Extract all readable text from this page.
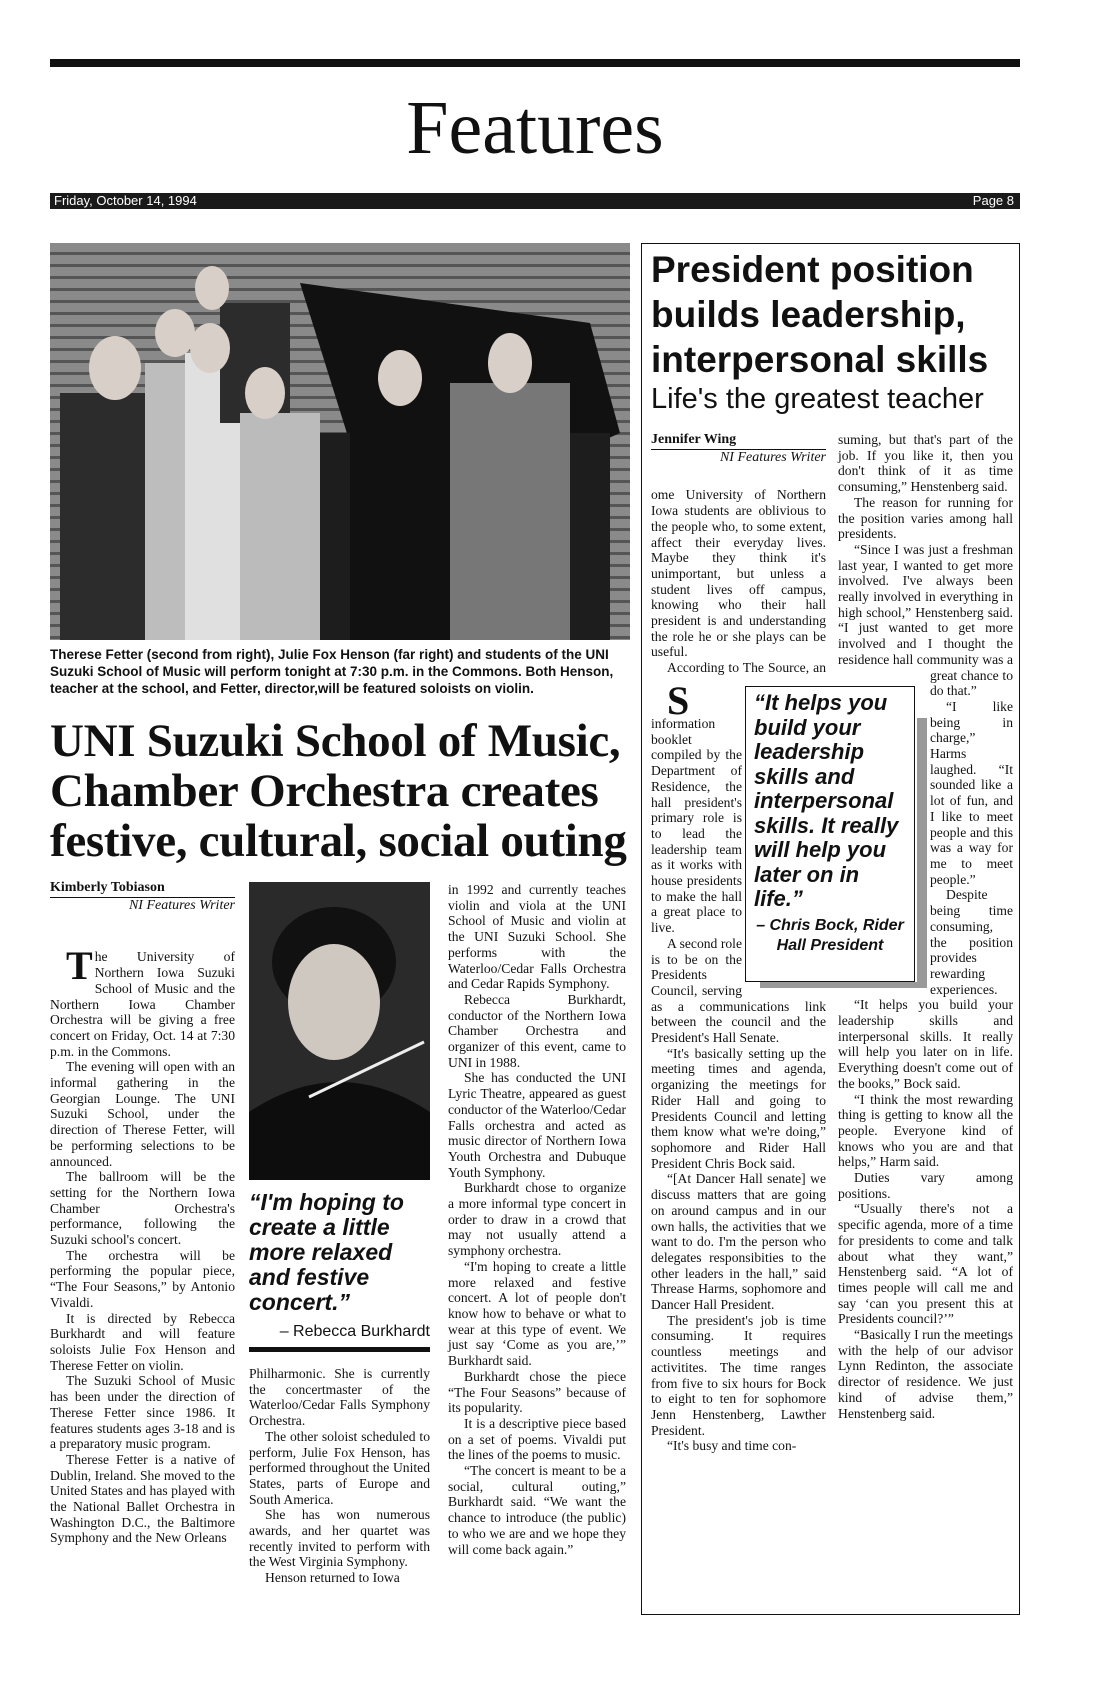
Features
Friday, October 14, 1994	Page 8
Therese Fetter (second from right), Julie Fox Henson (far right) and students of the UNI Suzuki School of Music will perform tonight at 7:30 p.m. in the Commons. Both Henson, teacher at the school, and Fetter, director,will be featured soloists on violin.
UNI Suzuki School of Music, Chamber Orchestra creates festive, cultural, social outing
Kimberly Tobiason
NI Features Writer
T he University of Northern Iowa Suzuki School of Music and the Northern Iowa Chamber Orchestra will be giving a free concert on Friday, Oct. 14 at 7:30 p.m. in the Commons.

The evening will open with an informal gathering in the Georgian Lounge. The UNI Suzuki School, under the direction of Therese Fetter, will be performing selections to be announced.

The ballroom will be the setting for the Northern Iowa Chamber Orchestra's performance, following the Suzuki school's concert.

The orchestra will be performing the popular piece, “The Four Seasons,” by Antonio Vivaldi.

It is directed by Rebecca Burkhardt and will feature soloists Julie Fox Henson and Therese Fetter on violin.

The Suzuki School of Music has been under the direction of Therese Fetter since 1986. It features students ages 3-18 and is a preparatory music program.

Therese Fetter is a native of Dublin, Ireland. She moved to the United States and has played with the National Ballet Orchestra in Washington D.C., the Baltimore Symphony and the New Orleans

“I'm hoping to create a little more relaxed and festive concert.”
– Rebecca Burkhardt

Philharmonic. She is currently the concertmaster of the Waterloo/Cedar Falls Symphony Orchestra.

The other soloist scheduled to perform, Julie Fox Henson, has performed throughout the United States, parts of Europe and South America.

She has won numerous awards, and her quartet was recently invited to perform with the West Virginia Symphony.

Henson returned to Iowa

in 1992 and currently teaches violin and viola at the UNI School of Music and violin at the UNI Suzuki School. She performs with the Waterloo/Cedar Falls Orchestra and Cedar Rapids Symphony.

Rebecca Burkhardt, conductor of the Northern Iowa Chamber Orchestra and organizer of this event, came to UNI in 1988.

She has conducted the UNI Lyric Theatre, appeared as guest conductor of the Waterloo/Cedar Falls orchestra and acted as music director of Northern Iowa Youth Orchestra and Dubuque Youth Symphony.

Burkhardt chose to organize a more informal type concert in order to draw in a crowd that may not usually attend a symphony orchestra.

“I'm hoping to create a little more relaxed and festive concert. A lot of people don't know how to behave or what to wear at this type of event. We just say ‘Come as you are,’” Burkhardt said.

Burkhardt chose the piece “The Four Seasons” because of its popularity.

It is a descriptive piece based on a set of poems. Vivaldi put the lines of the poems to music.

“The concert is meant to be a social, cultural outing,” Burkhardt said. “We want the chance to introduce (the public) to who we are and we hope they will come back again.”

President position builds leadership, interpersonal skills
Life's the greatest teacher
Jennifer Wing
NI Features Writer
S

ome University of Northern Iowa students are oblivious to the people who, to some extent, affect their everyday lives. Maybe they think it's unimportant, but unless a student lives off campus, knowing who their hall president is and understanding the role he or she plays can be useful.

According to The Source, an information booklet compiled by the Department of Residence, the hall president's primary role is to lead the leadership team as it works with house presidents to make the hall a great place to live.

A second role is to be on the Presidents Council, serving as a communications link between the council and the President's Hall Senate.

“It's basically setting up the meeting times and agenda, organizing the meetings for Rider Hall and going to Presidents Council and letting them know what we're doing,” sophomore and Rider Hall President Chris Bock said.

“[At Dancer Hall senate] we discuss matters that are going on around campus and in our own halls, the activities that we want to do. I'm the person who delegates responsibities to the other leaders in the hall,” said Threase Harms, sophomore and Dancer Hall President.

The president's job is time consuming. It requires countless meetings and activitites. The time ranges from five to six hours for Bock to eight to ten for sophomore Jenn Henstenberg, Lawther President.

“It's busy and time con-

suming, but that's part of the job. If you like it, then you don't think of it as time consuming,” Henstenberg said.

The reason for running for the position varies among hall presidents.

“Since I was just a freshman last year, I wanted to get more involved. I've always been really involved in everything in high school,” Henstenberg said. “I just wanted to get more involved and I thought the residence hall community was a great chance to do that.”

“I like being in charge,” Harms laughed. “It sounded like a lot of fun, and I like to meet people and this was a way for me to meet people.”

Despite being time consuming, the position provides rewarding experiences.

“It helps you build your leadership skills and interpersonal skills. It really will help you later on in life. Everything doesn't come out of the books,” Bock said.

“I think the most rewarding thing is getting to know all the people. Everyone kind of knows who you are and that helps,” Harm said.

Duties vary among positions.

“Usually there's not a specific agenda, more of a time for presidents to come and talk about what they want,” Henstenberg said. “A lot of times people will call me and say ‘can you present this at Presidents council?’”

“Basically I run the meetings with the help of our advisor Lynn Redinton, the associate director of residence. We just kind of advise them,” Henstenberg said.

“It helps you build your leadership skills and interpersonal skills. It really will help you later on in life.”
– Chris Bock, Rider Hall President
